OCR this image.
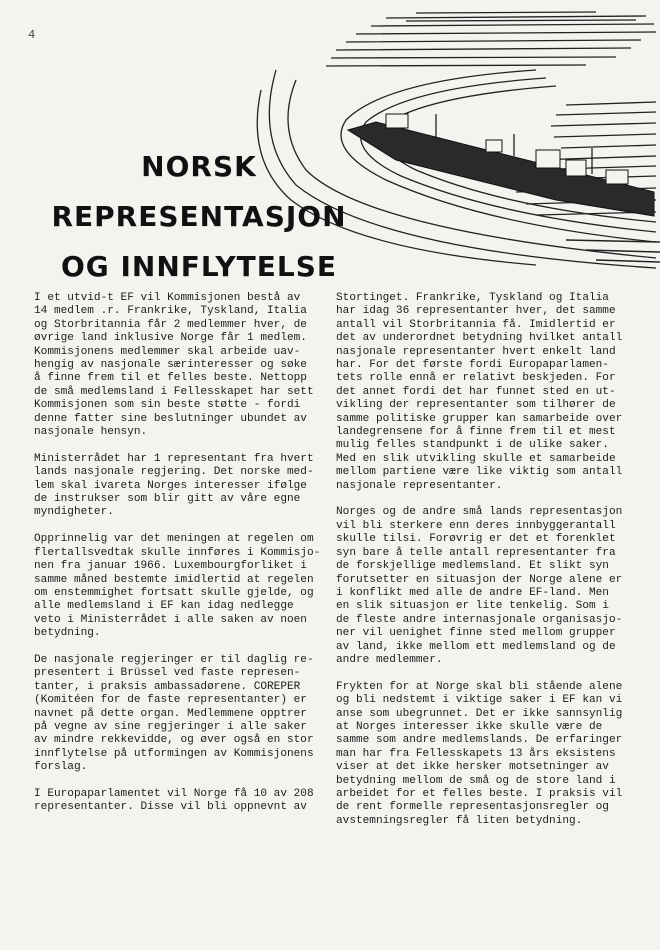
4
NORSK
REPRESENTASJON
OG INNFLYTELSE

I et utvid-t EF vil Kommisjonen bestå av
14 medlem .r. Frankrike, Tyskland, Italia
og Storbritannia får 2 medlemmer hver, de
øvrige land inklusive Norge får 1 medlem.
Kommisjonens medlemmer skal arbeide uav-
hengig av nasjonale særinteresser og søke
å finne frem til et felles beste. Nettopp
de små medlemsland i Fellesskapet har sett
Kommisjonen som sin beste støtte - fordi
denne fatter sine beslutninger ubundet av
nasjonale hensyn.

Ministerrådet har 1 representant fra hvert
lands nasjonale regjering. Det norske med-
lem skal ivareta Norges interesser ifølge
de instrukser som blir gitt av våre egne
myndigheter.

Opprinnelig var det meningen at regelen om
flertallsvedtak skulle innføres i Kommisjo-
nen fra januar 1966. Luxembourgforliket i
samme måned bestemte imidlertid at regelen
om enstemmighet fortsatt skulle gjelde, og
alle medlemsland i EF kan idag nedlegge
veto i Ministerrådet i alle saken av noen
betydning.

De nasjonale regjeringer er til daglig re-
presentert i Brüssel ved faste represen-
tanter, i praksis ambassadørene. COREPER
(Komitéen for de faste representanter) er
navnet på dette organ. Medlemmene opptrer
på vegne av sine regjeringer i alle saker
av mindre rekkevidde, og øver også en stor
innflytelse på utformingen av Kommisjonens
forslag.

I Europaparlamentet vil Norge få 10 av 208
representanter. Disse vil bli oppnevnt av

Stortinget. Frankrike, Tyskland og Italia
har idag 36 representanter hver, det samme
antall vil Storbritannia få. Imidlertid er
det av underordnet betydning hvilket antall
nasjonale representanter hvert enkelt land
har. For det første fordi Europaparlamen-
tets rolle ennå er relativt beskjeden. For
det annet fordi det har funnet sted en ut-
vikling der representanter som tilhører de
samme politiske grupper kan samarbeide over
landegrensene for å finne frem til et mest
mulig felles standpunkt i de ulike saker.
Med en slik utvikling skulle et samarbeide
mellom partiene være like viktig som antall
nasjonale representanter.

Norges og de andre små lands representasjon
vil bli sterkere enn deres innbyggerantall
skulle tilsi. Forøvrig er det et forenklet
syn bare å telle antall representanter fra
de forskjellige medlemsland. Et slikt syn
forutsetter en situasjon der Norge alene er
i konflikt med alle de andre EF-land. Men
en slik situasjon er lite tenkelig. Som i
de fleste andre internasjonale organisasjo-
ner vil uenighet finne sted mellom grupper
av land, ikke mellom ett medlemsland og de
andre medlemmer.

Frykten for at Norge skal bli stående alene
og bli nedstemt i viktige saker i EF kan vi
anse som ubegrunnet. Det er ikke sannsynlig
at Norges interesser ikke skulle være de
samme som andre medlemslands. De erfaringer
man har fra Fellesskapets 13 års eksistens
viser at det ikke hersker motsetninger av
betydning mellom de små og de store land i
arbeidet for et felles beste. I praksis vil
de rent formelle representasjonsregler og
avstemningsregler få liten betydning.
